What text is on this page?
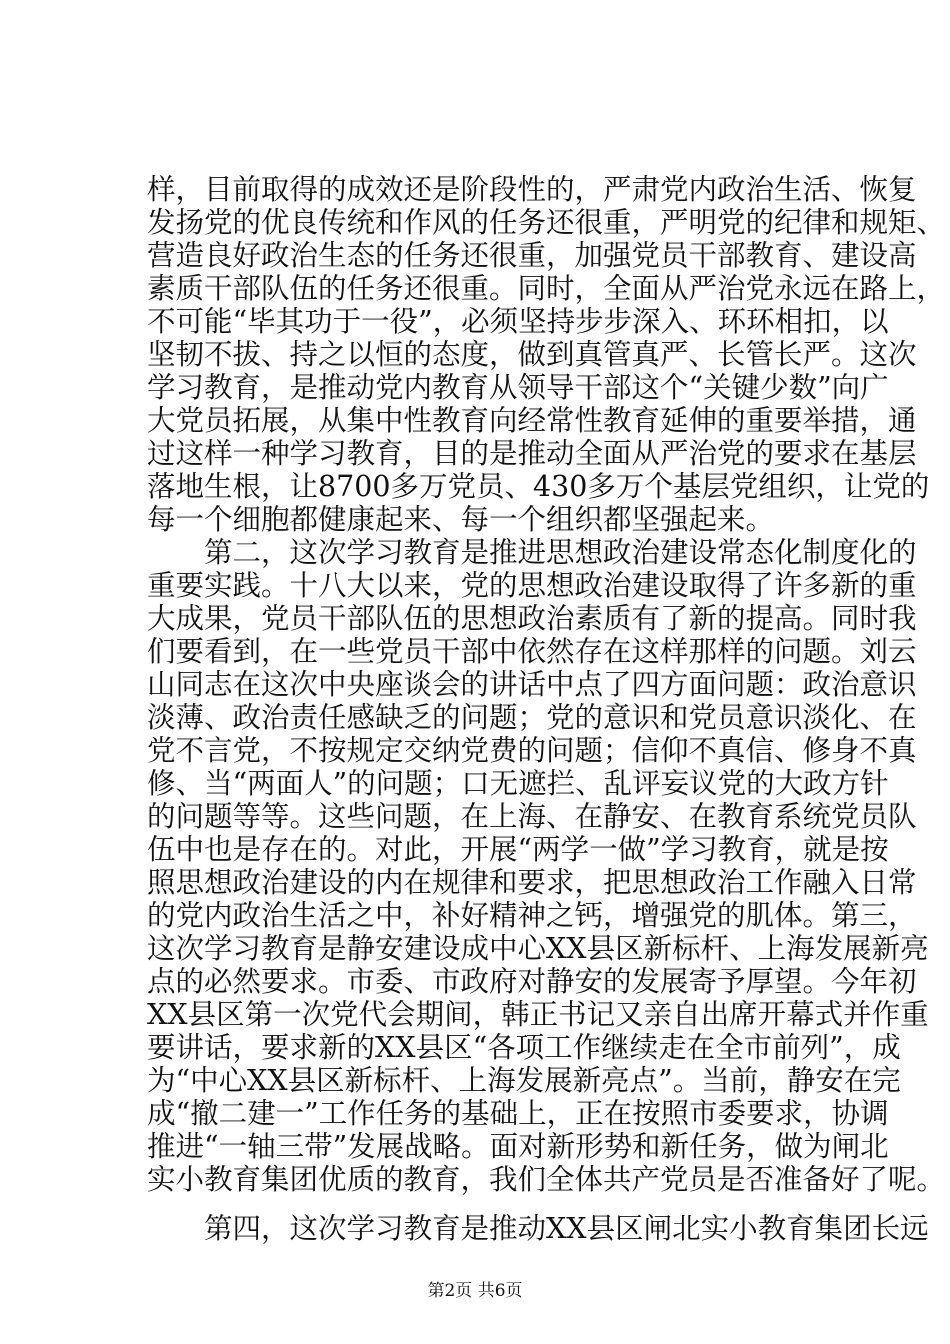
样，目前取得的成效还是阶段性的，严肃党内政治生活、恢复
发扬党的优良传统和作风的任务还很重，严明党的纪律和规矩、
营造良好政治生态的任务还很重，加强党员干部教育、建设高
素质干部队伍的任务还很重。同时，全面从严治党永远在路上，
不可能“毕其功于一役”，必须坚持步步深入、环环相扣，以
坚韧不拔、持之以恒的态度，做到真管真严、长管长严。这次
学习教育，是推动党内教育从领导干部这个“关键少数”向广
大党员拓展，从集中性教育向经常性教育延伸的重要举措，通
过这样一种学习教育，目的是推动全面从严治党的要求在基层
落地生根，让8700多万党员、430多万个基层党组织，让党的
每一个细胞都健康起来、每一个组织都坚强起来。
　　第二，这次学习教育是推进思想政治建设常态化制度化的
重要实践。十八大以来，党的思想政治建设取得了许多新的重
大成果，党员干部队伍的思想政治素质有了新的提高。同时我
们要看到，在一些党员干部中依然存在这样那样的问题。刘云
山同志在这次中央座谈会的讲话中点了四方面问题：政治意识
淡薄、政治责任感缺乏的问题；党的意识和党员意识淡化、在
党不言党，不按规定交纳党费的问题；信仰不真信、修身不真
修、当“两面人”的问题；口无遮拦、乱评妄议党的大政方针
的问题等等。这些问题，在上海、在静安、在教育系统党员队
伍中也是存在的。对此，开展“两学一做”学习教育，就是按
照思想政治建设的内在规律和要求，把思想政治工作融入日常
的党内政治生活之中，补好精神之钙，增强党的肌体。第三，
这次学习教育是静安建设成中心XX县区新标杆、上海发展新亮
点的必然要求。市委、市政府对静安的发展寄予厚望。今年初
XX县区第一次党代会期间，韩正书记又亲自出席开幕式并作重
要讲话，要求新的XX县区“各项工作继续走在全市前列”，成
为“中心XX县区新标杆、上海发展新亮点”。当前，静安在完
成“撤二建一”工作任务的基础上，正在按照市委要求，协调
推进“一轴三带”发展战略。面对新形势和新任务，做为闸北
实小教育集团优质的教育，我们全体共产党员是否准备好了呢。
　　第四，这次学习教育是推动XX县区闸北实小教育集团长远
第2页 共6页
